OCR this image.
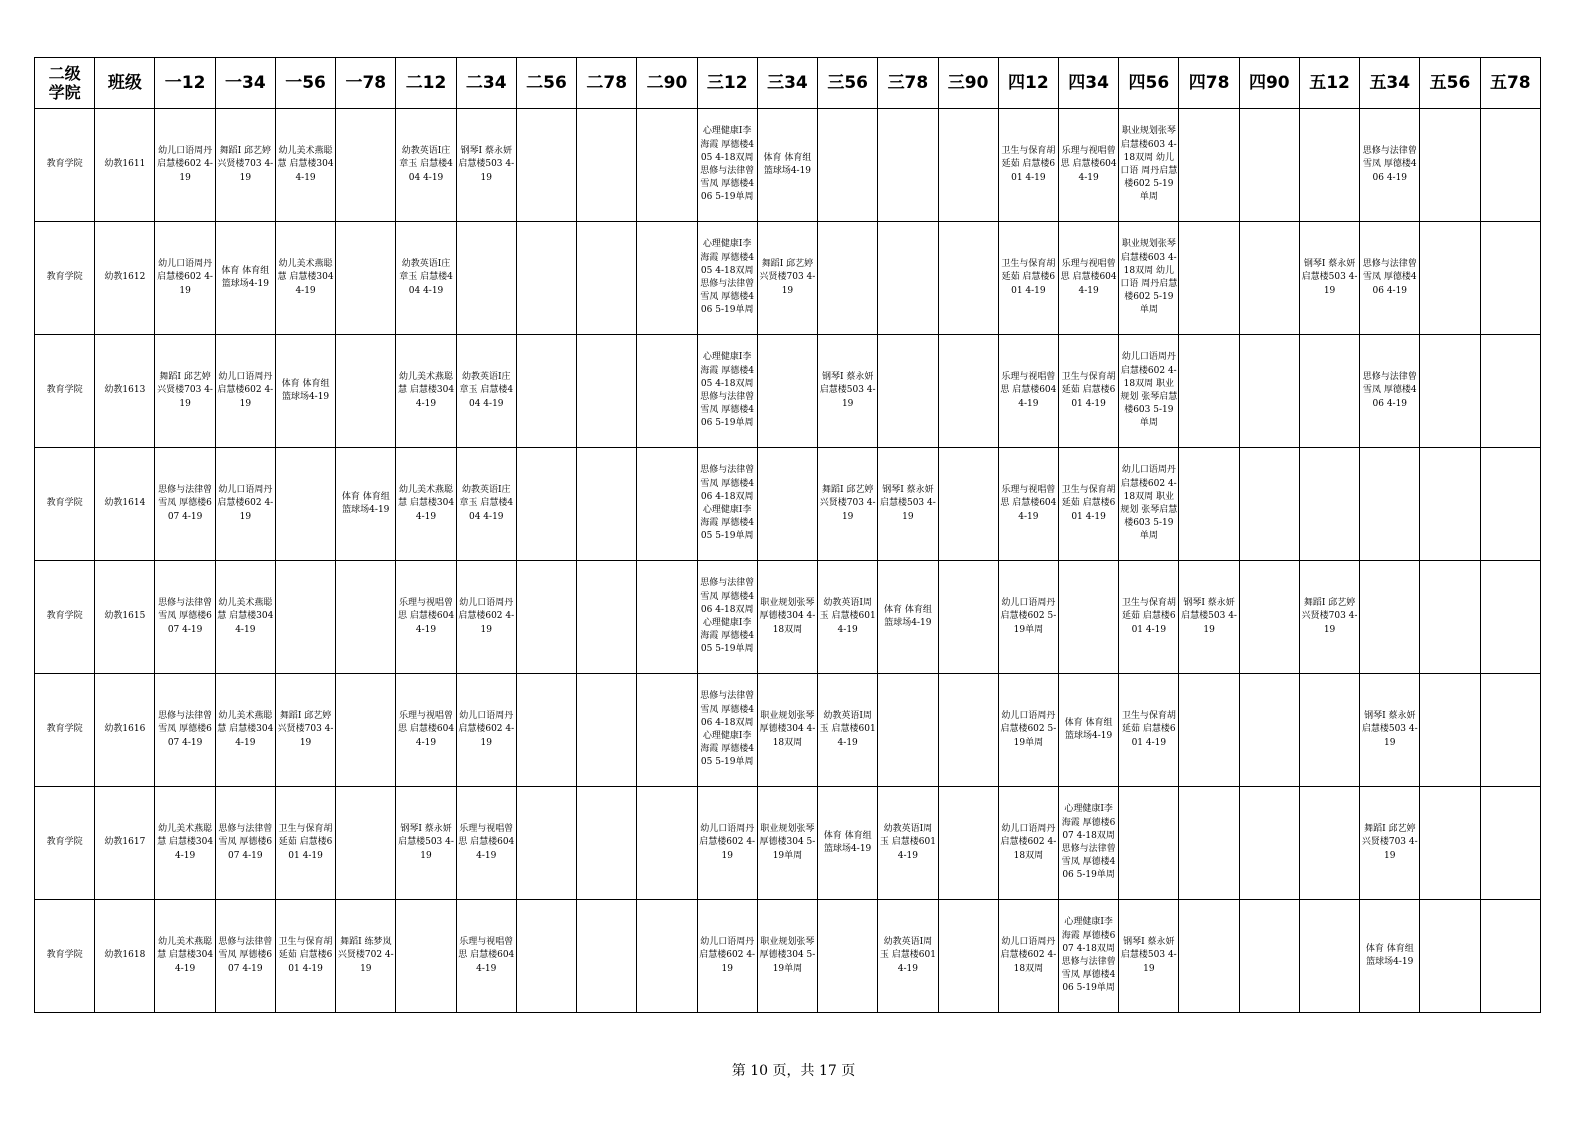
二级学院	班级	一12	一34	一56	一78	二12	二34	二56	二78	二90	三12	三34	三56	三78	三90	四12	四34	四56	四78	四90	五12	五34	五56	五78
教育学院	幼教1611	幼儿口语周丹 启慧楼602 4-19	舞蹈I 邱艺婷 兴贤楼703 4-19	幼儿美术燕聪慧 启慧楼304 4-19		幼教英语I庄章玉 启慧楼404 4-19	钢琴I 蔡永妍 启慧楼503 4-19				心理健康I李海霞 厚德楼405 4-18双周 思修与法律曾雪凤 厚德楼406 5-19单周	体育 体育组 篮球场4-19				卫生与保育胡延茹 启慧楼601 4-19	乐理与视唱曾思 启慧楼604 4-19	职业规划张琴 启慧楼603 4-18双周 幼儿口语 周丹启慧楼602 5-19单周				思修与法律曾雪凤 厚德楼406 4-19		
教育学院	幼教1612	幼儿口语周丹 启慧楼602 4-19	体育 体育组 篮球场4-19	幼儿美术燕聪慧 启慧楼304 4-19		幼教英语I庄章玉 启慧楼404 4-19					心理健康I李海霞 厚德楼405 4-18双周 思修与法律曾雪凤 厚德楼406 5-19单周	舞蹈I 邱艺婷 兴贤楼703 4-19				卫生与保育胡延茹 启慧楼601 4-19	乐理与视唱曾思 启慧楼604 4-19	职业规划张琴 启慧楼603 4-18双周 幼儿口语 周丹启慧楼602 5-19单周			钢琴I 蔡永妍 启慧楼503 4-19	思修与法律曾雪凤 厚德楼406 4-19		
教育学院	幼教1613	舞蹈I 邱艺婷 兴贤楼703 4-19	幼儿口语周丹 启慧楼602 4-19	体育 体育组 篮球场4-19		幼儿美术燕聪慧 启慧楼304 4-19	幼教英语I庄章玉 启慧楼404 4-19				心理健康I李海霞 厚德楼405 4-18双周 思修与法律曾雪凤 厚德楼406 5-19单周		钢琴I 蔡永妍 启慧楼503 4-19			乐理与视唱曾思 启慧楼604 4-19	卫生与保育胡延茹 启慧楼601 4-19	幼儿口语周丹 启慧楼602 4-18双周 职业规划 张琴启慧楼603 5-19单周				思修与法律曾雪凤 厚德楼406 4-19		
教育学院	幼教1614	思修与法律曾雪凤 厚德楼607 4-19	幼儿口语周丹 启慧楼602 4-19		体育 体育组 篮球场4-19	幼儿美术燕聪慧 启慧楼304 4-19	幼教英语I庄章玉 启慧楼404 4-19				思修与法律曾雪凤 厚德楼406 4-18双周 心理健康I李海霞 厚德楼405 5-19单周		舞蹈I 邱艺婷 兴贤楼703 4-19	钢琴I 蔡永妍 启慧楼503 4-19		乐理与视唱曾思 启慧楼604 4-19	卫生与保育胡延茹 启慧楼601 4-19	幼儿口语周丹 启慧楼602 4-18双周 职业规划 张琴启慧楼603 5-19单周						
教育学院	幼教1615	思修与法律曾雪凤 厚德楼607 4-19	幼儿美术燕聪慧 启慧楼304 4-19			乐理与视唱曾思 启慧楼604 4-19	幼儿口语周丹 启慧楼602 4-19				思修与法律曾雪凤 厚德楼406 4-18双周 心理健康I李海霞 厚德楼405 5-19单周	职业规划张琴 厚德楼304 4-18双周	幼教英语I周玉 启慧楼601 4-19	体育 体育组 篮球场4-19		幼儿口语周丹 启慧楼602 5-19单周		卫生与保育胡延茹 启慧楼601 4-19	钢琴I 蔡永妍 启慧楼503 4-19		舞蹈I 邱艺婷 兴贤楼703 4-19			
教育学院	幼教1616	思修与法律曾雪凤 厚德楼607 4-19	幼儿美术燕聪慧 启慧楼304 4-19	舞蹈I 邱艺婷 兴贤楼703 4-19		乐理与视唱曾思 启慧楼604 4-19	幼儿口语周丹 启慧楼602 4-19				思修与法律曾雪凤 厚德楼406 4-18双周 心理健康I李海霞 厚德楼405 5-19单周	职业规划张琴 厚德楼304 4-18双周	幼教英语I周玉 启慧楼601 4-19			幼儿口语周丹 启慧楼602 5-19单周	体育 体育组 篮球场4-19	卫生与保育胡延茹 启慧楼601 4-19				钢琴I 蔡永妍 启慧楼503 4-19		
教育学院	幼教1617	幼儿美术燕聪慧 启慧楼304 4-19	思修与法律曾雪凤 厚德楼607 4-19	卫生与保育胡延茹 启慧楼601 4-19		钢琴I 蔡永妍 启慧楼503 4-19	乐理与视唱曾思 启慧楼604 4-19				幼儿口语周丹 启慧楼602 4-19	职业规划张琴 厚德楼304 5-19单周	体育 体育组 篮球场4-19	幼教英语I周玉 启慧楼601 4-19		幼儿口语周丹 启慧楼602 4-18双周	心理健康I李海霞 厚德楼607 4-18双周 思修与法律曾雪凤 厚德楼406 5-19单周					舞蹈I 邱艺婷 兴贤楼703 4-19		
教育学院	幼教1618	幼儿美术燕聪慧 启慧楼304 4-19	思修与法律曾雪凤 厚德楼607 4-19	卫生与保育胡延茹 启慧楼601 4-19	舞蹈I 练梦岚 兴贤楼702 4-19		乐理与视唱曾思 启慧楼604 4-19				幼儿口语周丹 启慧楼602 4-19	职业规划张琴 厚德楼304 5-19单周		幼教英语I周玉 启慧楼601 4-19		幼儿口语周丹 启慧楼602 4-18双周	心理健康I李海霞 厚德楼607 4-18双周 思修与法律曾雪凤 厚德楼406 5-19单周	钢琴I 蔡永妍 启慧楼503 4-19				体育 体育组 篮球场4-19		
第 10 页，共 17 页
